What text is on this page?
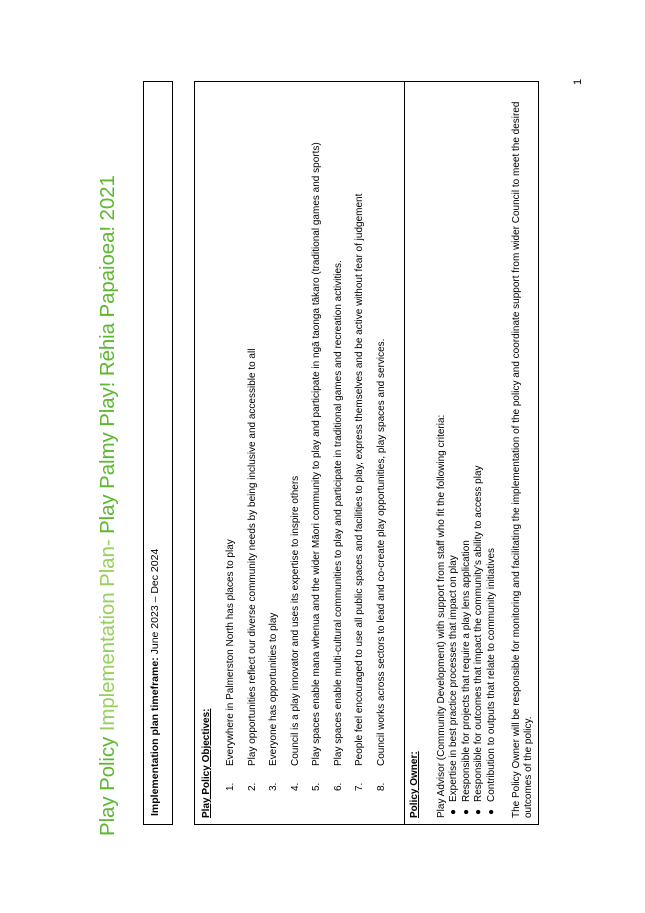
1
Play Policy Implementation Plan- Play Palmy Play! Rēhia Papaioea! 2021
Implementation plan timeframe: June 2023 – Dec 2024
Play Policy Objectives: 1.
Everywhere in Palmerston North has places to play
2.
Play opportunities reflect our diverse community needs by being inclusive and accessible to all
3.
Everyone has opportunities to play
4.
Council is a play innovator and uses its expertise to inspire others
5.
Play spaces enable mana whenua and the wider Māori community to play and participate in ngā taonga tākaro (traditional games and sports)
6.
Play spaces enable multi-cultural communities to play and participate in traditional games and recreation activities.
7.
People feel encouraged to use all public spaces and facilities to play, express themselves and be active without fear of judgement
8.
Council works across sectors to lead and co-create play opportunities, play spaces and services.
Policy Owner: Play Advisor (Community Development) with support from staff who fit the following criteria: ●
Expertise in best practice processes that impact on play
●
Responsible for projects that require a play lens application
●
Responsible for outcomes that impact the community's ability to access play
●
Contribution to outputs that relate to community initiatives The Policy Owner will be responsible for monitoring and facilitating the implementation of the policy and coordinate support from wider Council to meet the desired outcomes of the policy.
